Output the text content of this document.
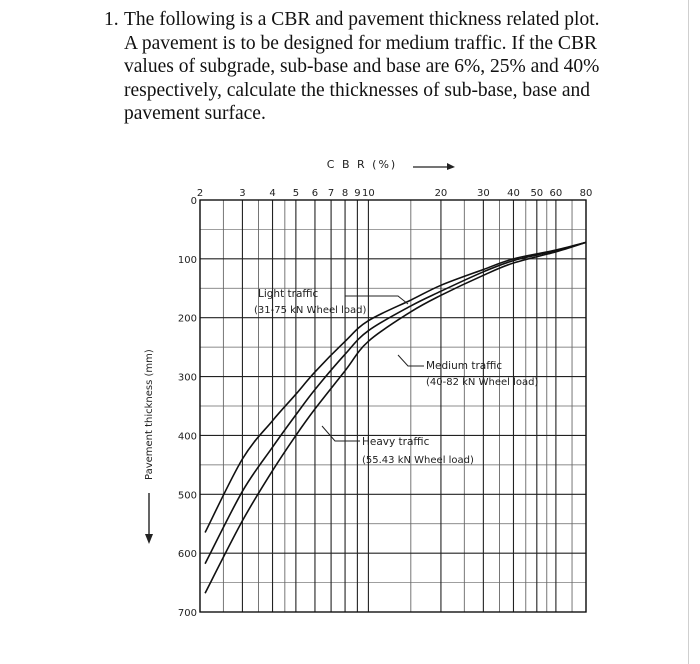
1. The following is a CBR and pavement thickness related plot. A pavement is to be designed for medium traffic. If the CBR values of subgrade, sub-base and base are 6%, 25% and 40% respectively, calculate the thicknesses of sub-base, base and pavement surface.
2	3 4 5 6 7 8 9 10	20	30 40 50 60 80
0
100
200
300
400
500
600
700
C B R (%)
Pavement thickness (mm)
Light traffic
(31-75 kN Wheel load)
Medium traffic
(40-82 kN Wheel load)
Heavy traffic
(55.43 kN Wheel load)
